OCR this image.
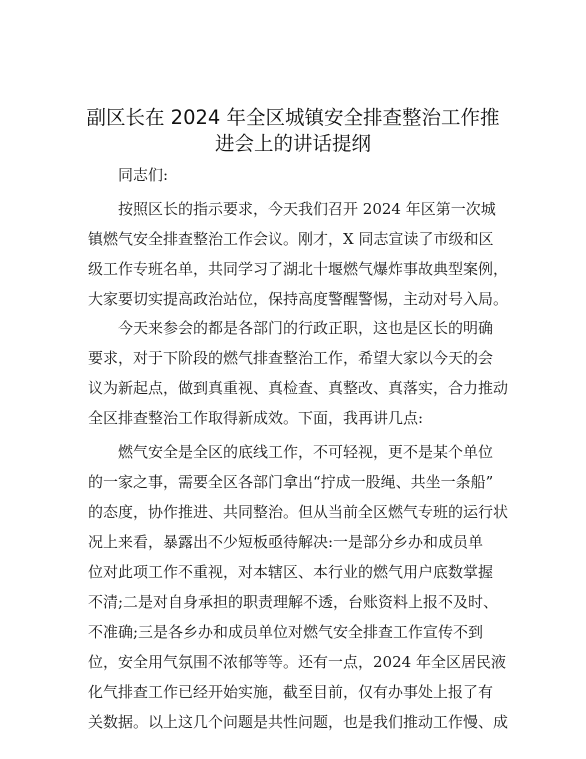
副区长在 2024 年全区城镇安全排查整治工作推
进会上的讲话提纲
同志们:
按照区长的指示要求，今天我们召开 2024 年区第一次城
镇燃气安全排查整治工作会议。刚才，X 同志宣读了市级和区
级工作专班名单，共同学习了湖北十堰燃气爆炸事故典型案例，
大家要切实提高政治站位，保持高度警醒警惕，主动对号入局。
今天来参会的都是各部门的行政正职，这也是区长的明确
要求，对于下阶段的燃气排查整治工作，希望大家以今天的会
议为新起点，做到真重视、真检查、真整改、真落实，合力推动
全区排查整治工作取得新成效。下面，我再讲几点:
燃气安全是全区的底线工作，不可轻视，更不是某个单位
的一家之事，需要全区各部门拿出“拧成一股绳、共坐一条船”
的态度，协作推进、共同整治。但从当前全区燃气专班的运行状
况上来看，暴露出不少短板亟待解决:一是部分乡办和成员单
位对此项工作不重视，对本辖区、本行业的燃气用户底数掌握
不清;二是对自身承担的职责理解不透，台账资料上报不及时、
不准确;三是各乡办和成员单位对燃气安全排查工作宣传不到
位，安全用气氛围不浓郁等等。还有一点，2024 年全区居民液
化气排查工作已经开始实施，截至目前，仅有办事处上报了有
关数据。以上这几个问题是共性问题，也是我们推动工作慢、成
